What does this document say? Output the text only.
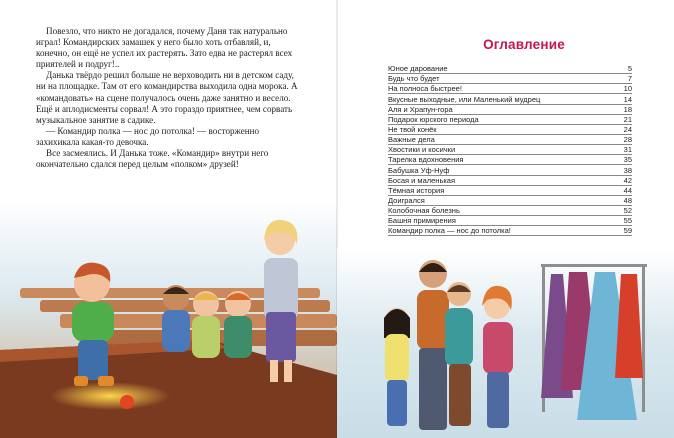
Повезло, что никто не догадался, почему Даня так натурально играл! Командирских замашек у него было хоть отбавляй, и, конечно, он ещё не успел их растерять. Зато едва не растерял всех приятелей и подруг!..

Данька твёрдо решил больше не верховодить ни в детском саду, ни на площадке. Там от его командирства выходила одна морока. А «командовать» на сцене получалось очень даже занятно и весело. Ещё и аплодисменты сорвал! А это гораздо приятнее, чем сорвать музыкальное занятие в садике.

— Командир полка — нос до потолка! — восторженно захихикала какая-то девочка.

Все засмеялись. И Данька тоже. «Командир» внутри него окончательно сдался перед целым «полком» друзей!

Оглавление
Юное дарование	5
Будь что будет	7
На полноса быстрее!	10
Вкусные выходные, или Маленький мудрец	14
Аля и Храпун-гора	18
Подарок юрского периода	21
Не твой конёк	24
Важные дела	28
Хвостики и косички	31
Тарелка вдохновения	35
Бабушка Уф-Нуф	38
Босая и маленькая	42
Тёмная история	44
Доигрался	48
Колобочная болезнь	52
Башня примирения	55
Командир полка — нос до потолка!	59
